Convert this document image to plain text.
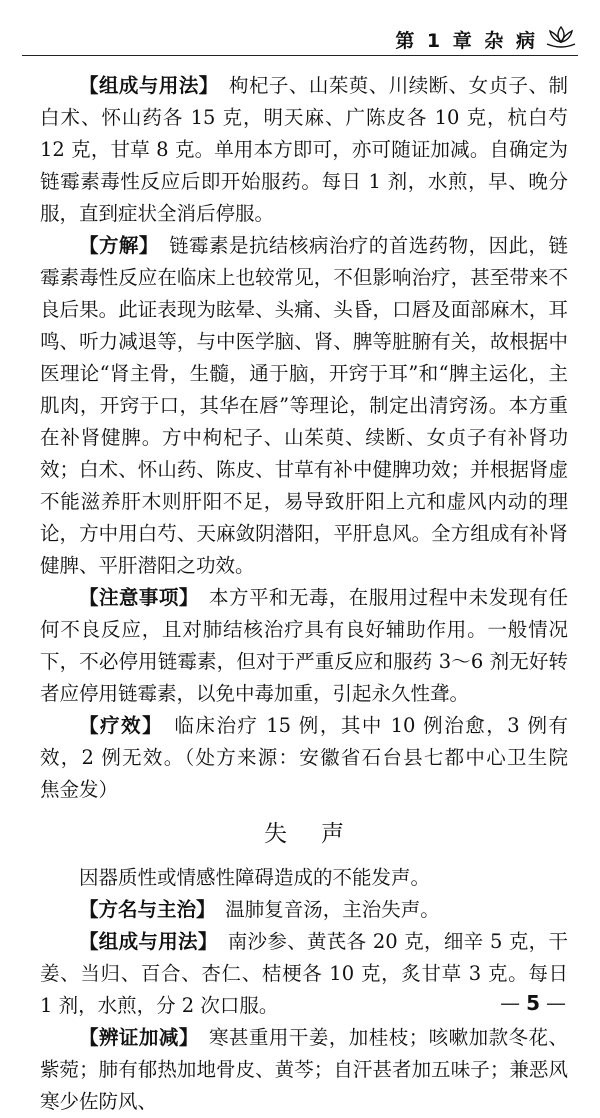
第 1 章 杂 病

【组成与用法】　 枸杞子、山茱萸、川续断、女贞子、制白术、怀山药各 15 克，明天麻、广陈皮各 10 克，杭白芍 12 克，甘草 8 克。单用本方即可，亦可随证加减。自确定为链霉素毒性反应后即开始服药。每日 1 剂，水煎，早、晚分服，直到症状全消后停服。

【方解】　 链霉素是抗结核病治疗的首选药物，因此，链霉素毒性反应在临床上也较常见，不但影响治疗，甚至带来不良后果。此证表现为眩晕、头痛、头昏，口唇及面部麻木，耳鸣、听力减退等，与中医学脑、肾、脾等脏腑有关，故根据中医理论“肾主骨，生髓，通于脑，开窍于耳”和“脾主运化，主肌肉，开窍于口，其华在唇”等理论，制定出清窍汤。本方重在补肾健脾。方中枸杞子、山茱萸、续断、女贞子有补肾功效；白术、怀山药、陈皮、甘草有补中健脾功效；并根据肾虚不能滋养肝木则肝阳不足，易导致肝阳上亢和虚风内动的理论，方中用白芍、天麻敛阴潜阳，平肝息风。全方组成有补肾健脾、平肝潜阳之功效。

【注意事项】　 本方平和无毒，在服用过程中未发现有任何不良反应，且对肺结核治疗具有良好辅助作用。一般情况下，不必停用链霉素，但对于严重反应和服药 3～6 剂无好转者应停用链霉素，以免中毒加重，引起永久性聋。

【疗效】　 临床治疗 15 例，其中 10 例治愈，3 例有效，2 例无效。（处方来源：安徽省石台县七都中心卫生院　焦金发）

失声

因器质性或情感性障碍造成的不能发声。

【方名与主治】　 温肺复音汤，主治失声。

【组成与用法】　 南沙参、黄芪各 20 克，细辛 5 克，干姜、当归、百合、杏仁、桔梗各 10 克，炙甘草 3 克。每日 1 剂，水煎，分 2 次口服。

【辨证加减】　 寒甚重用干姜，加桂枝；咳嗽加款冬花、紫菀；肺有郁热加地骨皮、黄芩；自汗甚者加五味子；兼恶风寒少佐防风、

— 5 —
